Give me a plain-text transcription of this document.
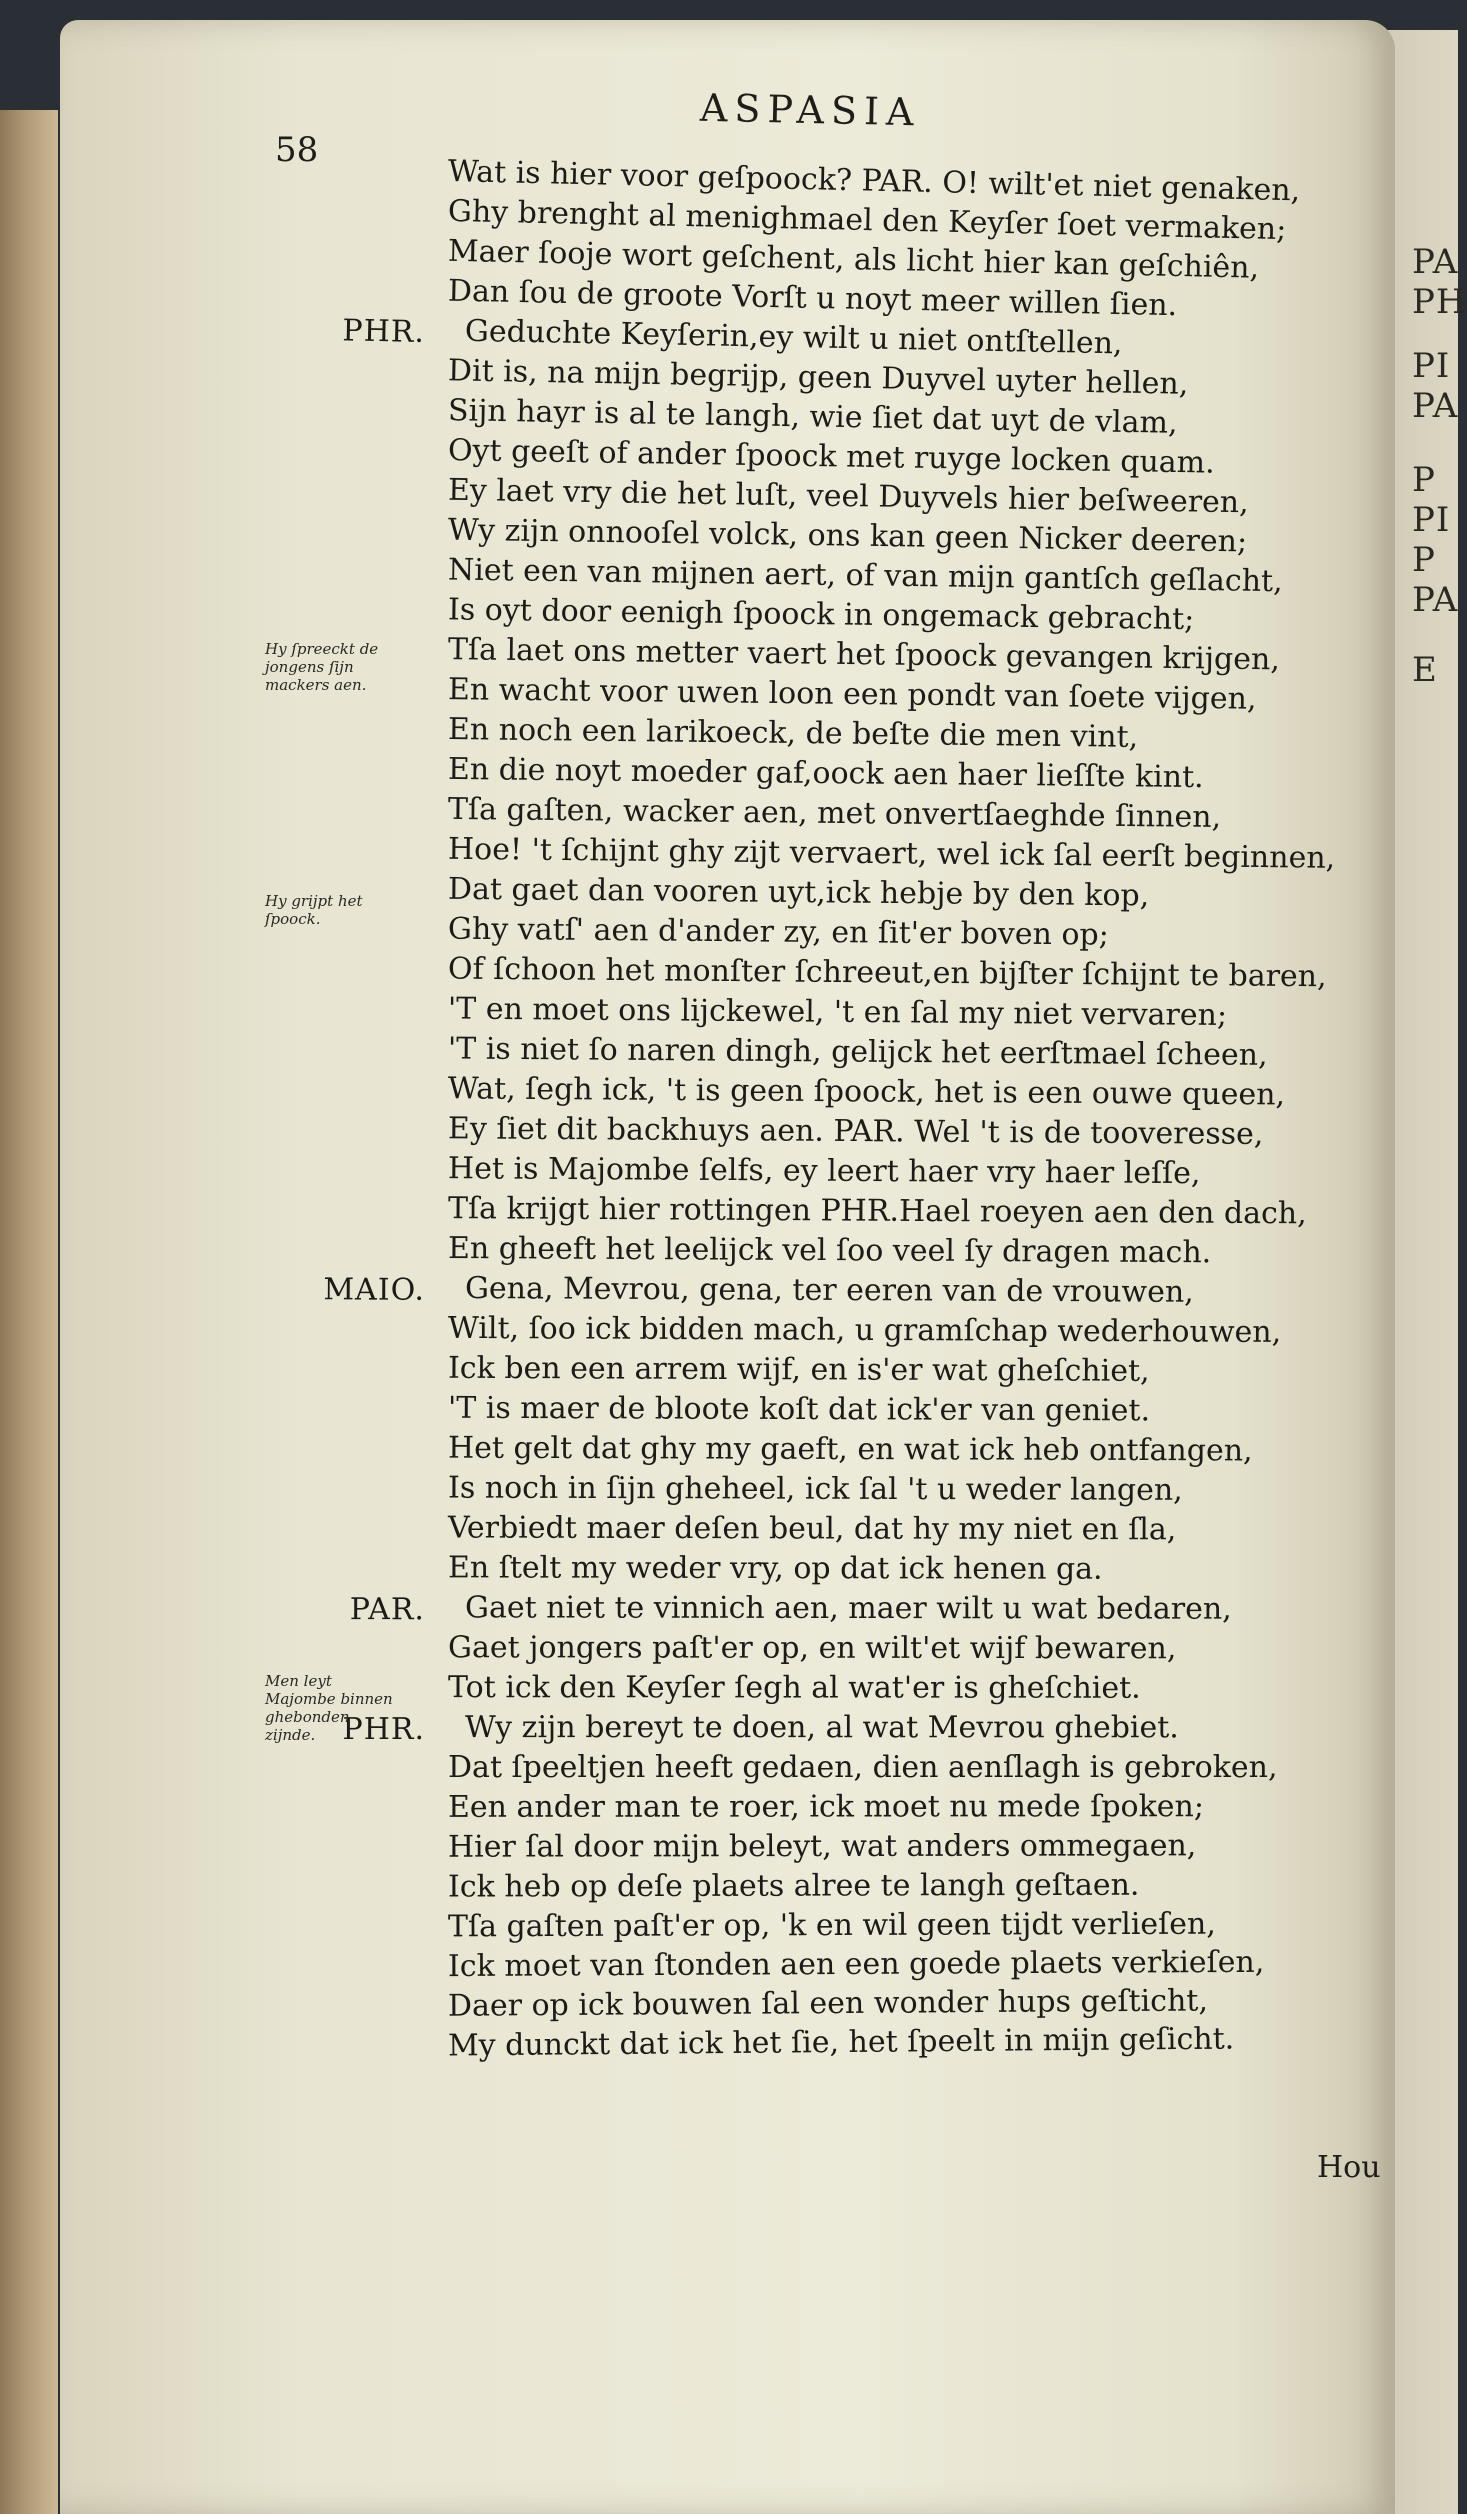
PA
PH
PI
PA
P
PI
P
PA
E
ASPASIA
58
Wat is hier voor geſpoock? PAR. O! wilt'et niet genaken,
Ghy brenght al menighmael den Keyſer ſoet vermaken;
Maer ſooje wort geſchent, als licht hier kan geſchiên,
Dan ſou de groote Vorſt u noyt meer willen ſien.
PHR. Geduchte Keyſerin,ey wilt u niet ontſtellen,
Dit is, na mijn begrijp, geen Duyvel uyter hellen,
Sijn hayr is al te langh, wie ſiet dat uyt de vlam,
Oyt geeſt of ander ſpoock met ruyge locken quam.
Ey laet vry die het luſt, veel Duyvels hier beſweeren,
Wy zijn onnooſel volck, ons kan geen Nicker deeren;
Niet een van mijnen aert, of van mijn gantſch geſlacht,
Is oyt door eenigh ſpoock in ongemack gebracht;
Tſa laet ons metter vaert het ſpoock gevangen krijgen,
En wacht voor uwen loon een pondt van ſoete vijgen,
En noch een larikoeck, de beſte die men vint,
En die noyt moeder gaf,oock aen haer lieſſte kint.
Tſa gaſten, wacker aen, met onvertſaeghde ſinnen,
Hoe! 't ſchijnt ghy zijt vervaert, wel ick ſal eerſt beginnen,
Dat gaet dan vooren uyt,ick hebje by den kop,
Ghy vatſ' aen d'ander zy, en ſit'er boven op;
Of ſchoon het monſter ſchreeut,en bijſter ſchijnt te baren,
'T en moet ons lijckewel, 't en ſal my niet vervaren;
'T is niet ſo naren dingh, gelijck het eerſtmael ſcheen,
Wat, ſegh ick, 't is geen ſpoock, het is een ouwe queen,
Ey ſiet dit backhuys aen. PAR. Wel 't is de tooveresse,
Het is Majombe ſelfs, ey leert haer vry haer leſſe,
Tſa krijgt hier rottingen PHR.Hael roeyen aen den dach,
En gheeft het leelijck vel ſoo veel ſy dragen mach.
MAIO. Gena, Mevrou, gena, ter eeren van de vrouwen,
Wilt, ſoo ick bidden mach, u gramſchap wederhouwen,
Ick ben een arrem wijf, en is'er wat gheſchiet,
'T is maer de bloote koſt dat ick'er van geniet.
Het gelt dat ghy my gaeft, en wat ick heb ontfangen,
Is noch in ſijn gheheel, ick ſal 't u weder langen,
Verbiedt maer deſen beul, dat hy my niet en ſla,
En ſtelt my weder vry, op dat ick henen ga.
PAR. Gaet niet te vinnich aen, maer wilt u wat bedaren,
Gaet jongers paſt'er op, en wilt'et wijf bewaren,
Tot ick den Keyſer ſegh al wat'er is gheſchiet.
PHR. Wy zijn bereyt te doen, al wat Mevrou ghebiet.
Dat ſpeeltjen heeft gedaen, dien aenſlagh is gebroken,
Een ander man te roer, ick moet nu mede ſpoken;
Hier ſal door mijn beleyt, wat anders ommegaen,
Ick heb op deſe plaets alree te langh geſtaen.
Tſa gaſten paſt'er op, 'k en wil geen tijdt verlieſen,
Ick moet van ſtonden aen een goede plaets verkieſen,
Daer op ick bouwen ſal een wonder hups geſticht,
My dunckt dat ick het ſie, het ſpeelt in mijn geſicht.
Hy ſpreeckt de jongens ſijn mackers aen.
Hy grijpt het ſpoock.
Men leyt Majombe binnen ghebonden zijnde.
Hou
